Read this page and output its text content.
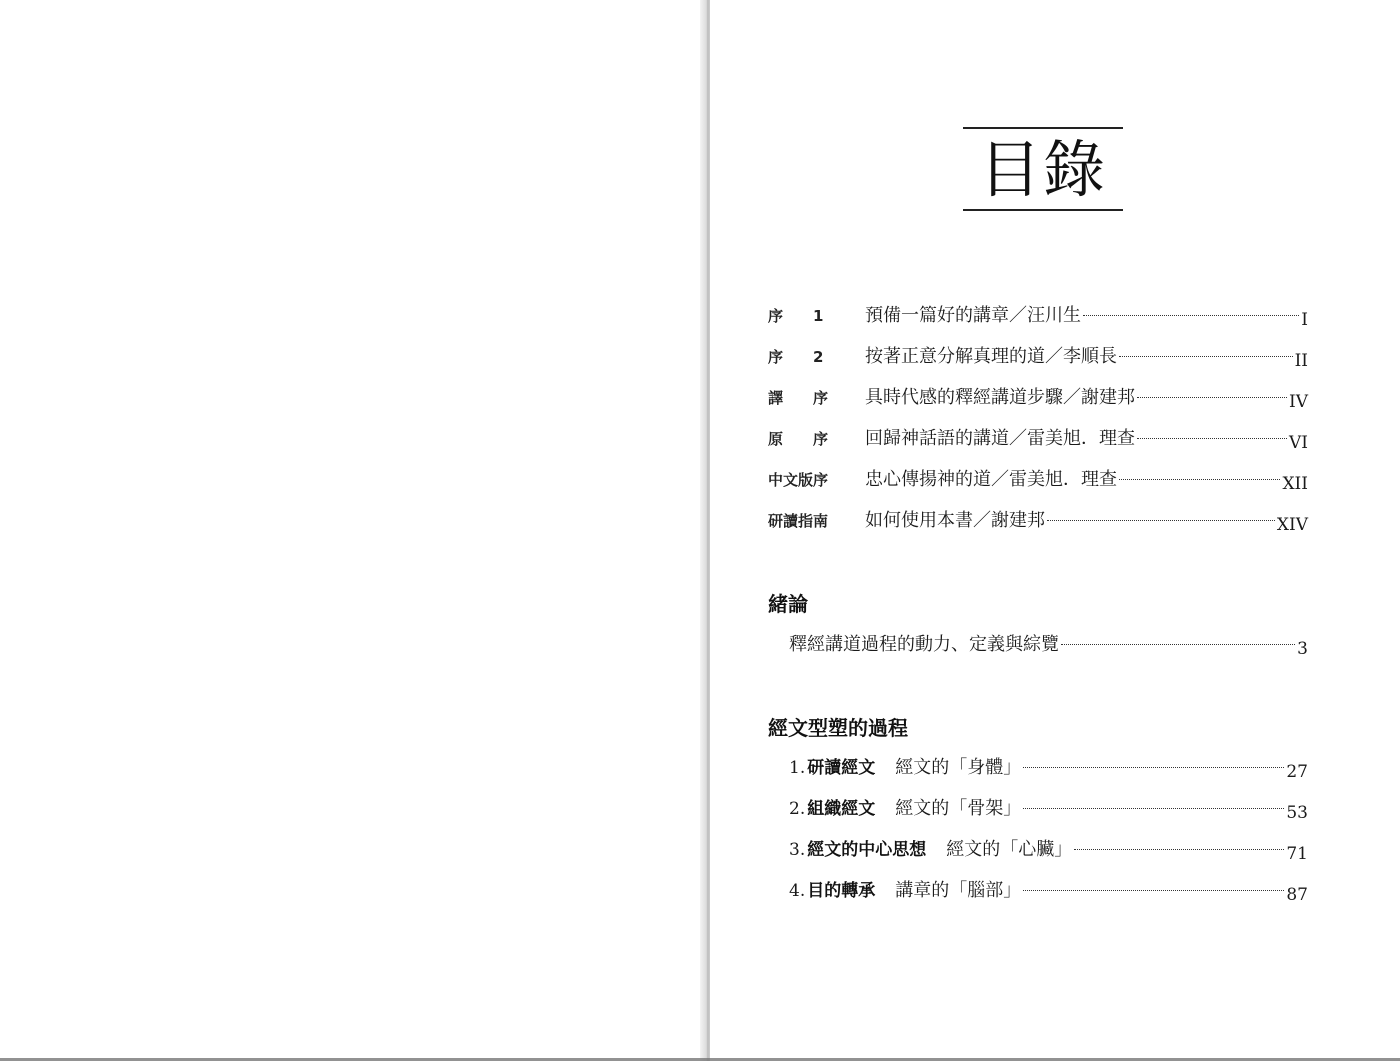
目錄
序　　1	預備一篇好的講章／汪川生	I
序　　2	按著正意分解真理的道／李順長	II
譯　　序	具時代感的釋經講道步驟／謝建邦	IV
原　　序	回歸神話語的講道／雷美旭．理查	VI
中文版序	忠心傳揚神的道／雷美旭．理查	XII
研讀指南	如何使用本書／謝建邦	XIV
緒論
釋經講道過程的動力、定義與綜覽	3
經文型塑的過程
1. 研讀經文 經文的「身體」	27
2. 組織經文 經文的「骨架」	53
3. 經文的中心思想 經文的「心臟」	71
4. 目的轉承 講章的「腦部」	87
